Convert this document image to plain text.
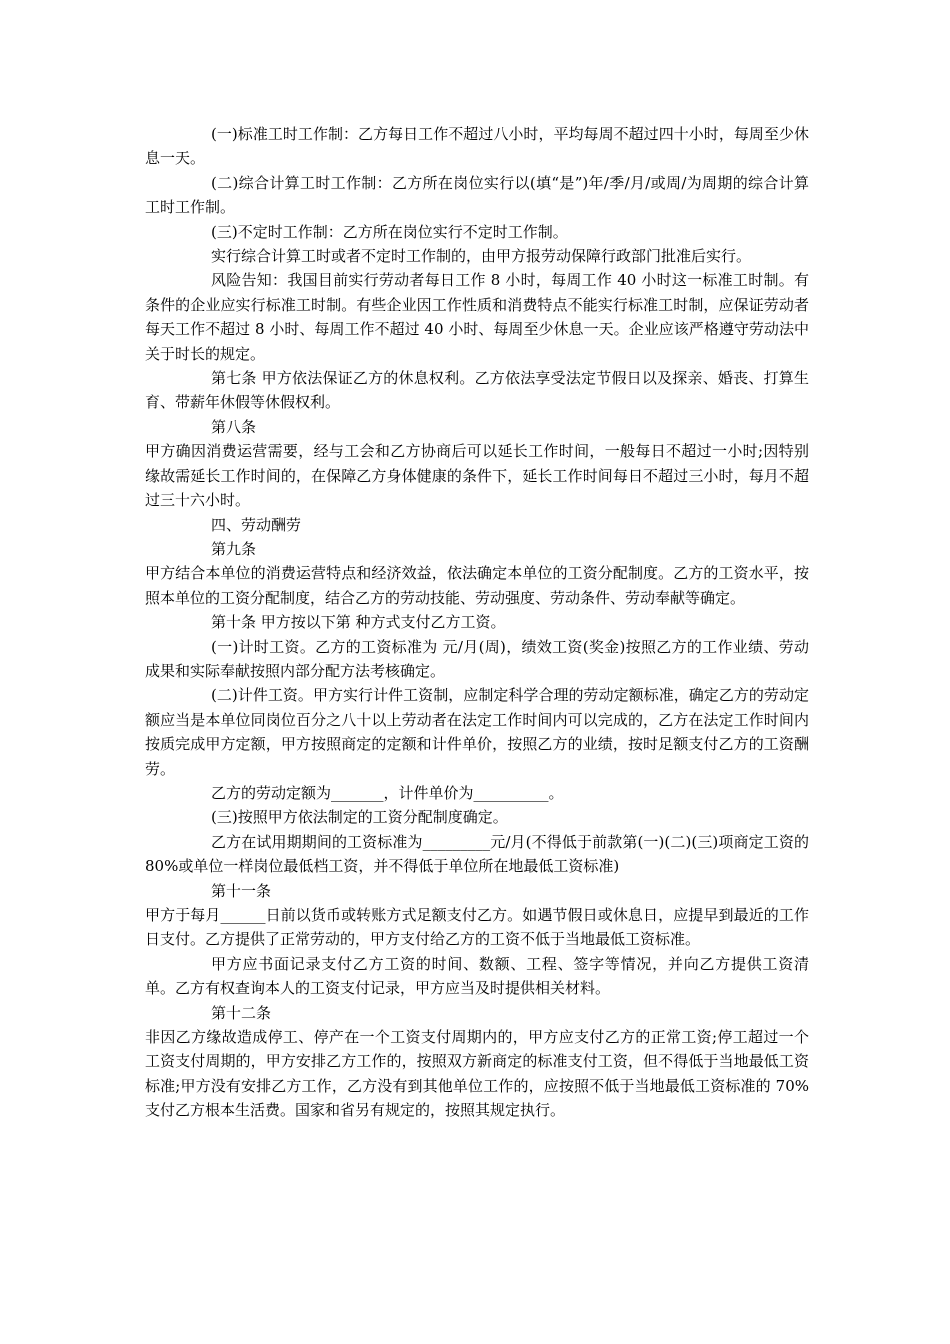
(一)标准工时工作制：乙方每日工作不超过八小时，平均每周不超过四十小时，每周至少休息一天。

(二)综合计算工时工作制：乙方所在岗位实行以(填“是”)年/季/月/或周/为周期的综合计算工时工作制。

(三)不定时工作制：乙方所在岗位实行不定时工作制。

实行综合计算工时或者不定时工作制的，由甲方报劳动保障行政部门批准后实行。

风险告知：我国目前实行劳动者每日工作 8 小时，每周工作 40 小时这一标准工时制。有条件的企业应实行标准工时制。有些企业因工作性质和消费特点不能实行标准工时制，应保证劳动者每天工作不超过 8 小时、每周工作不超过 40 小时、每周至少休息一天。企业应该严格遵守劳动法中关于时长的规定。

第七条 甲方依法保证乙方的休息权利。乙方依法享受法定节假日以及探亲、婚丧、打算生育、带薪年休假等休假权利。

第八条

甲方确因消费运营需要，经与工会和乙方协商后可以延长工作时间，一般每日不超过一小时;因特别缘故需延长工作时间的，在保障乙方身体健康的条件下，延长工作时间每日不超过三小时，每月不超过三十六小时。

四、劳动酬劳

第九条

甲方结合本单位的消费运营特点和经济效益，依法确定本单位的工资分配制度。乙方的工资水平，按照本单位的工资分配制度，结合乙方的劳动技能、劳动强度、劳动条件、劳动奉献等确定。

第十条 甲方按以下第 种方式支付乙方工资。

(一)计时工资。乙方的工资标准为 元/月(周)，绩效工资(奖金)按照乙方的工作业绩、劳动成果和实际奉献按照内部分配方法考核确定。

(二)计件工资。甲方实行计件工资制，应制定科学合理的劳动定额标准，确定乙方的劳动定额应当是本单位同岗位百分之八十以上劳动者在法定工作时间内可以完成的，乙方在法定工作时间内按质完成甲方定额，甲方按照商定的定额和计件单价，按照乙方的业绩，按时足额支付乙方的工资酬劳。

乙方的劳动定额为_______，计件单价为__________。

(三)按照甲方依法制定的工资分配制度确定。

乙方在试用期期间的工资标准为_________元/月(不得低于前款第(一)(二)(三)项商定工资的 80%或单位一样岗位最低档工资，并不得低于单位所在地最低工资标准)

第十一条

甲方于每月______日前以货币或转账方式足额支付乙方。如遇节假日或休息日，应提早到最近的工作日支付。乙方提供了正常劳动的，甲方支付给乙方的工资不低于当地最低工资标准。

甲方应书面记录支付乙方工资的时间、数额、工程、签字等情况，并向乙方提供工资清单。乙方有权查询本人的工资支付记录，甲方应当及时提供相关材料。

第十二条

非因乙方缘故造成停工、停产在一个工资支付周期内的，甲方应支付乙方的正常工资;停工超过一个工资支付周期的，甲方安排乙方工作的，按照双方新商定的标准支付工资，但不得低于当地最低工资标准;甲方没有安排乙方工作，乙方没有到其他单位工作的，应按照不低于当地最低工资标准的 70%支付乙方根本生活费。国家和省另有规定的，按照其规定执行。
